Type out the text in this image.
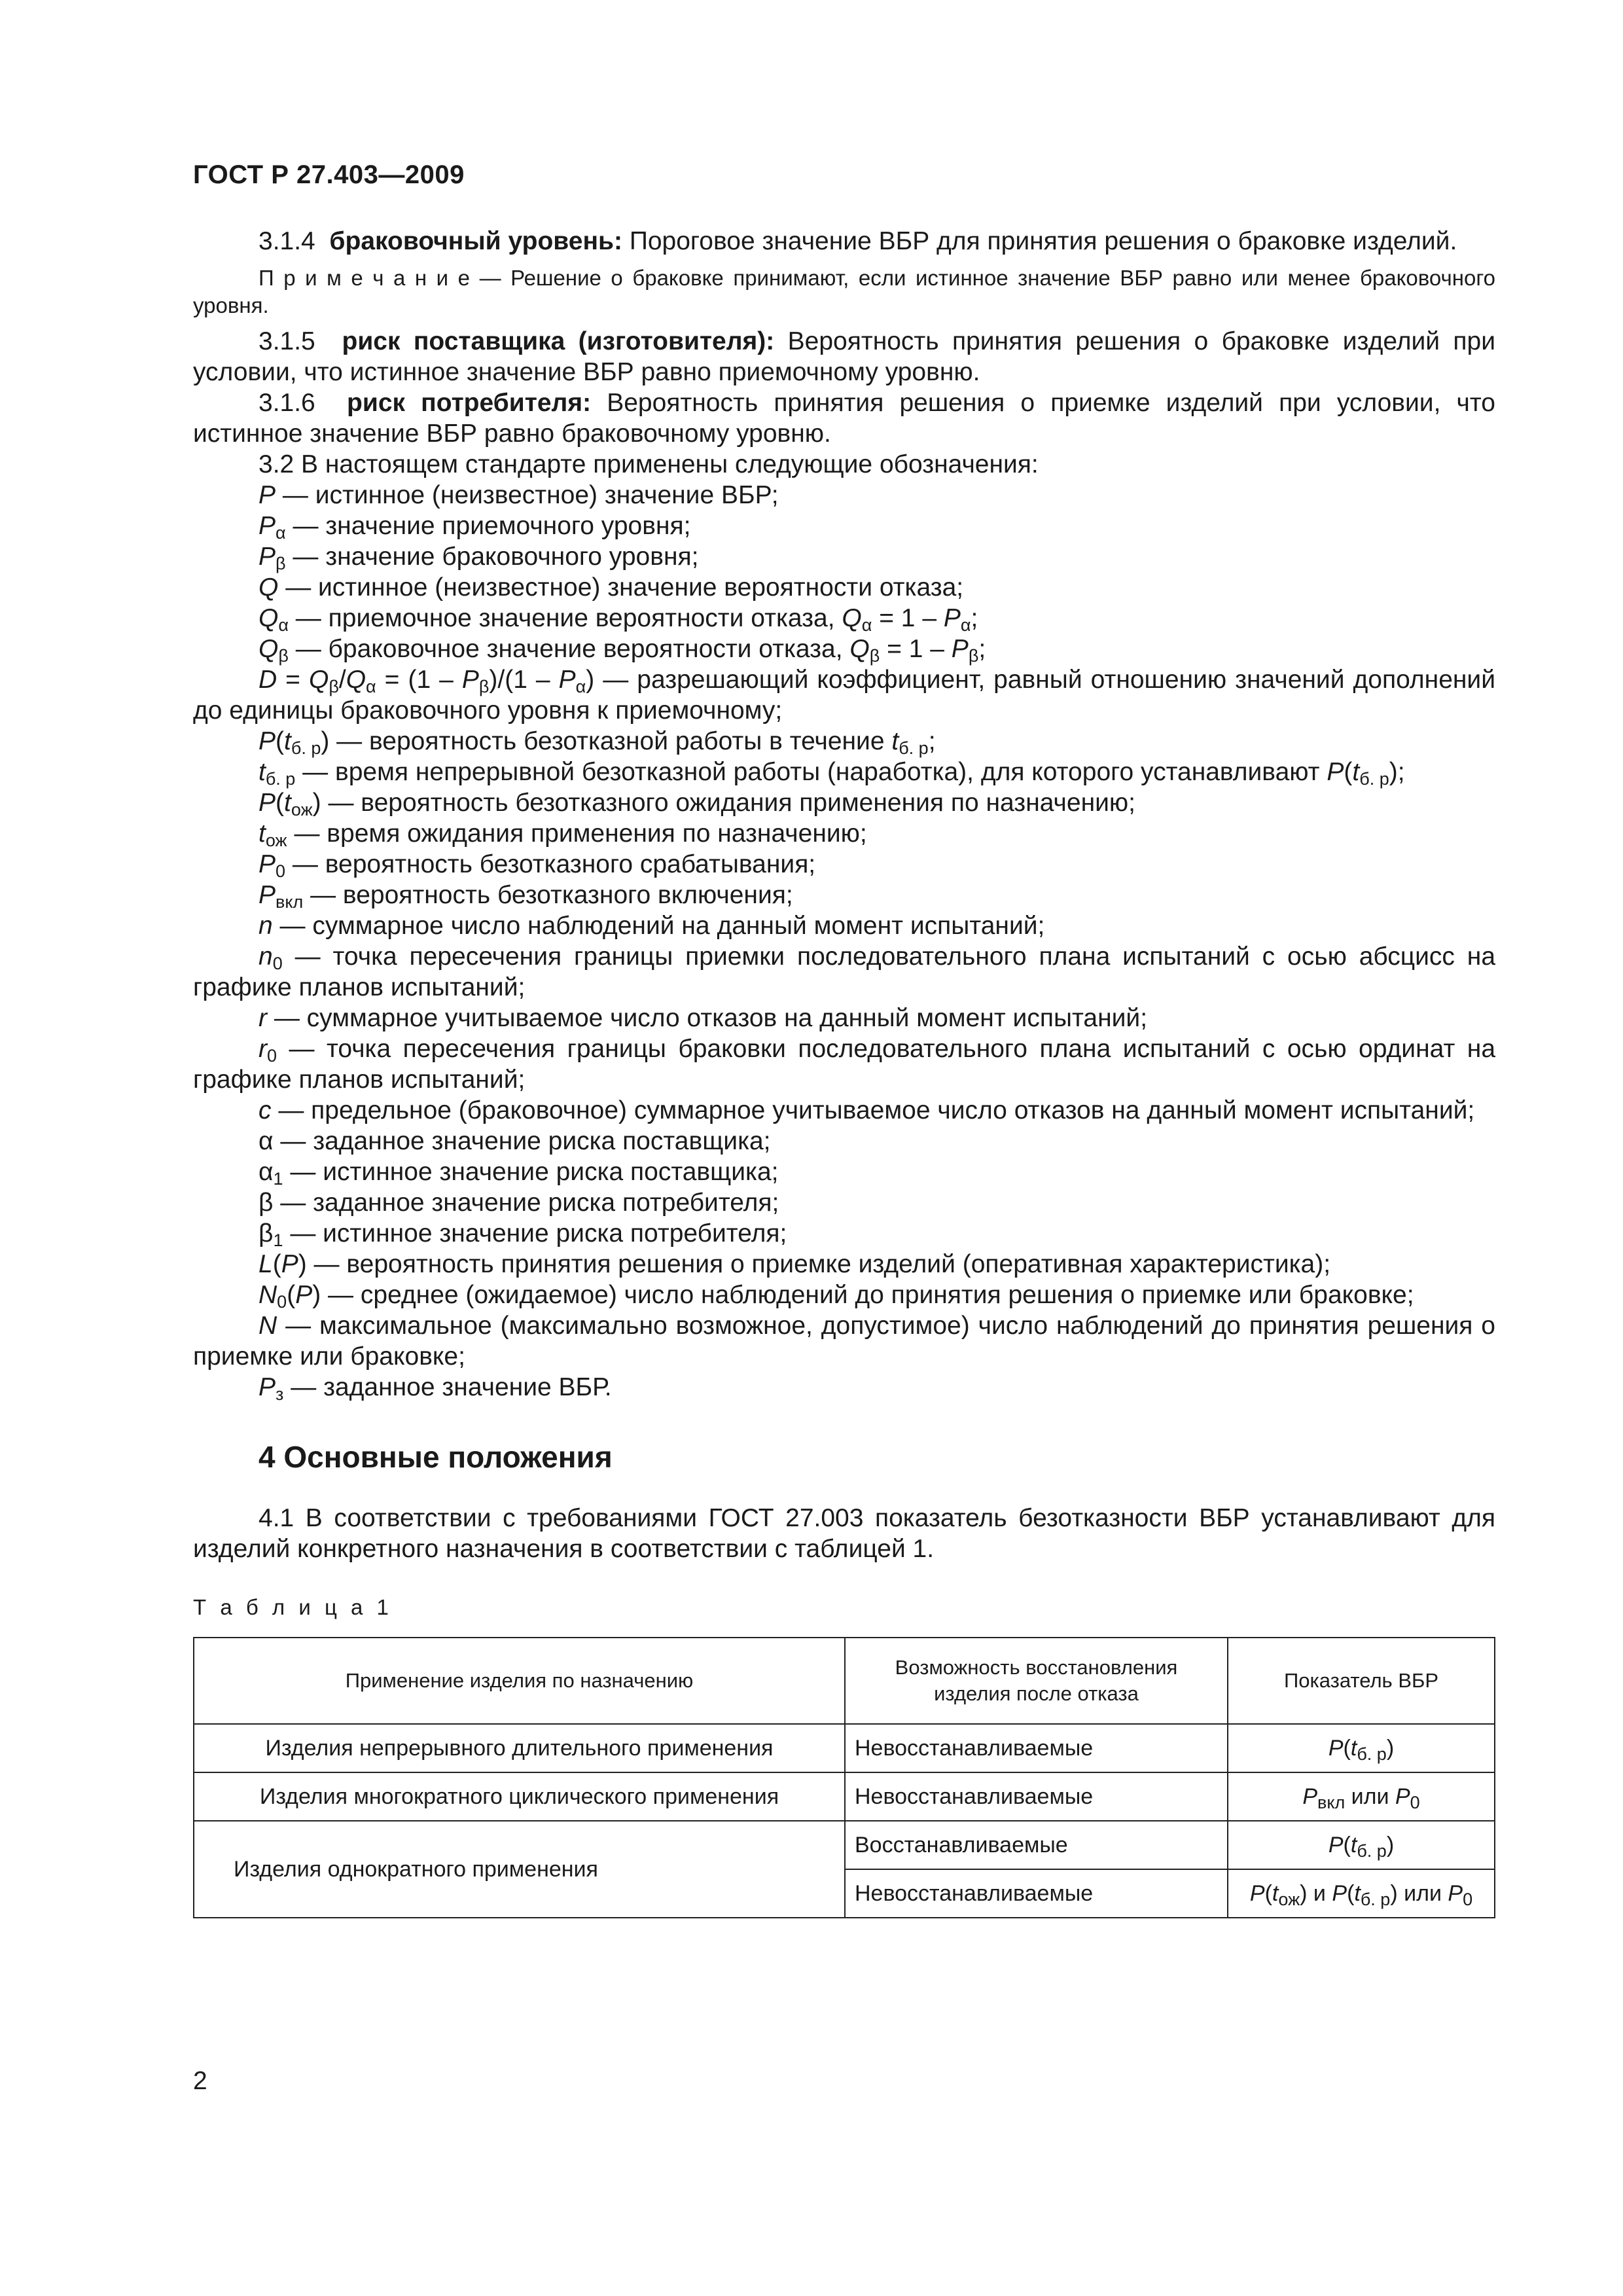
ГОСТ Р 27.403—2009

3.1.4 браковочный уровень: Пороговое значение ВБР для принятия решения о браковке изделий.

П р и м е ч а н и е — Решение о браковке принимают, если истинное значение ВБР равно или менее браковочного уровня.

3.1.5 риск поставщика (изготовителя): Вероятность принятия решения о браковке изделий при условии, что истинное значение ВБР равно приемочному уровню.

3.1.6 риск потребителя: Вероятность принятия решения о приемке изделий при условии, что истинное значение ВБР равно браковочному уровню.

3.2 В настоящем стандарте применены следующие обозначения:

P — истинное (неизвестное) значение ВБР;

$P_\alpha$ — значение приемочного уровня;

$P_\beta$ — значение браковочного уровня;

Q — истинное (неизвестное) значение вероятности отказа;

$Q_\alpha$ — приемочное значение вероятности отказа, $Q_\alpha = 1 - P_\alpha$;

$Q_\beta$ — браковочное значение вероятности отказа, $Q_\beta = 1 - P_\beta$;

$D = Q_\beta/Q_\alpha = (1 - P_\beta)/(1 - P_\alpha)$ — разрешающий коэффициент, равный отношению значений дополнений до единицы браковочного уровня к приемочному;

$P(t_{б. р})$ — вероятность безотказной работы в течение $t_{б. р}$;

$t_{б. р}$ — время непрерывной безотказной работы (наработка), для которого устанавливают $P(t_{б. р})$;

$P(t_{ож})$ — вероятность безотказного ожидания применения по назначению;

$t_{ож}$ — время ожидания применения по назначению;

$P_0$ — вероятность безотказного срабатывания;

$P_{вкл}$ — вероятность безотказного включения;

n — суммарное число наблюдений на данный момент испытаний;

$n_0$ — точка пересечения границы приемки последовательного плана испытаний с осью абсцисс на графике планов испытаний;

r — суммарное учитываемое число отказов на данный момент испытаний;

$r_0$ — точка пересечения границы браковки последовательного плана испытаний с осью ординат на графике планов испытаний;

c — предельное (браковочное) суммарное учитываемое число отказов на данный момент испытаний;

α — заданное значение риска поставщика;

$\alpha_1$ — истинное значение риска поставщика;

β — заданное значение риска потребителя;

$\beta_1$ — истинное значение риска потребителя;

L(P) — вероятность принятия решения о приемке изделий (оперативная характеристика);

$N_0(P)$ — среднее (ожидаемое) число наблюдений до принятия решения о приемке или браковке;

N — максимальное (максимально возможное, допустимое) число наблюдений до принятия решения о приемке или браковке;

$P_з$ — заданное значение ВБР.

4 Основные положения

4.1 В соответствии с требованиями ГОСТ 27.003 показатель безотказности ВБР устанавливают для изделий конкретного назначения в соответствии с таблицей 1.

Т а б л и ц а 1
Применение изделия по назначению	Возможность восстановления изделия после отказа	Показатель ВБР
Изделия непрерывного длительного применения	Невосстанавливаемые	$P(t_{б. р})$
Изделия многократного циклического применения	Невосстанавливаемые	$P_{вкл}$ или $P_0$
Изделия однократного применения	Восстанавливаемые	$P(t_{б. р})$
	Невосстанавливаемые	$P(t_{ож})$ и $P(t_{б. р})$ или $P_0$
2
